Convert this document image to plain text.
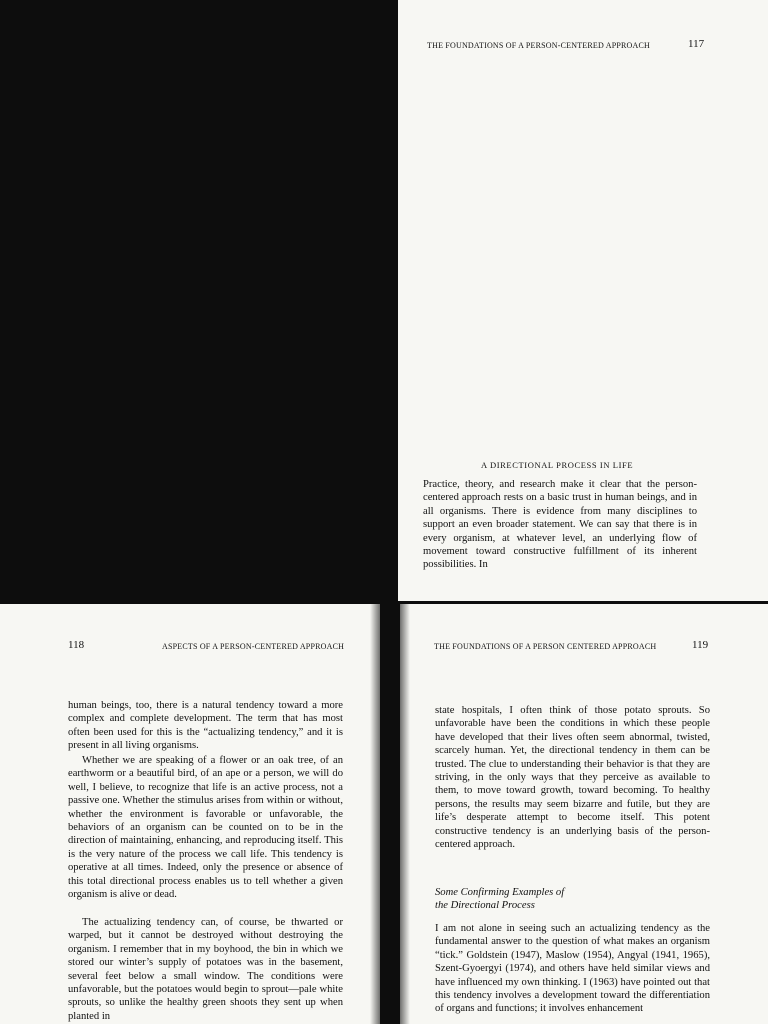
THE FOUNDATIONS OF A PERSON-CENTERED APPROACH	117
A DIRECTIONAL PROCESS IN LIFE

Practice, theory, and research make it clear that the person-centered approach rests on a basic trust in human beings, and in all organisms. There is evidence from many disciplines to support an even broader statement. We can say that there is in every organism, at whatever level, an underlying flow of movement toward constructive fulfillment of its inherent possibilities. In

118	ASPECTS OF A PERSON-CENTERED APPROACH

human beings, too, there is a natural tendency toward a more complex and complete development. The term that has most often been used for this is the “actualizing tendency,” and it is present in all living organisms.

Whether we are speaking of a flower or an oak tree, of an earthworm or a beautiful bird, of an ape or a person, we will do well, I believe, to recognize that life is an active process, not a passive one. Whether the stimulus arises from within or without, whether the environment is favorable or unfavorable, the behaviors of an organism can be counted on to be in the direction of maintaining, enhancing, and reproducing itself. This is the very nature of the process we call life. This tendency is operative at all times. Indeed, only the presence or absence of this total directional process enables us to tell whether a given organism is alive or dead.

The actualizing tendency can, of course, be thwarted or warped, but it cannot be destroyed without destroying the organism. I remember that in my boyhood, the bin in which we stored our winter’s supply of potatoes was in the basement, several feet below a small window. The conditions were unfavorable, but the potatoes would begin to sprout—pale white sprouts, so unlike the healthy green shoots they sent up when planted in

THE FOUNDATIONS OF A PERSON CENTERED APPROACH	119

state hospitals, I often think of those potato sprouts. So unfavorable have been the conditions in which these people have developed that their lives often seem abnormal, twisted, scarcely human. Yet, the directional tendency in them can be trusted. The clue to understanding their behavior is that they are striving, in the only ways that they perceive as available to them, to move toward growth, toward becoming. To healthy persons, the results may seem bizarre and futile, but they are life’s desperate attempt to become itself. This potent constructive tendency is an underlying basis of the person-centered approach.

Some Confirming Examples of
the Directional Process

I am not alone in seeing such an actualizing tendency as the fundamental answer to the question of what makes an organism “tick.” Goldstein (1947), Maslow (1954), Angyal (1941, 1965), Szent-Gyoergyi (1974), and others have held similar views and have influenced my own thinking. I (1963) have pointed out that this tendency involves a development toward the differentiation of organs and functions; it involves enhancement
